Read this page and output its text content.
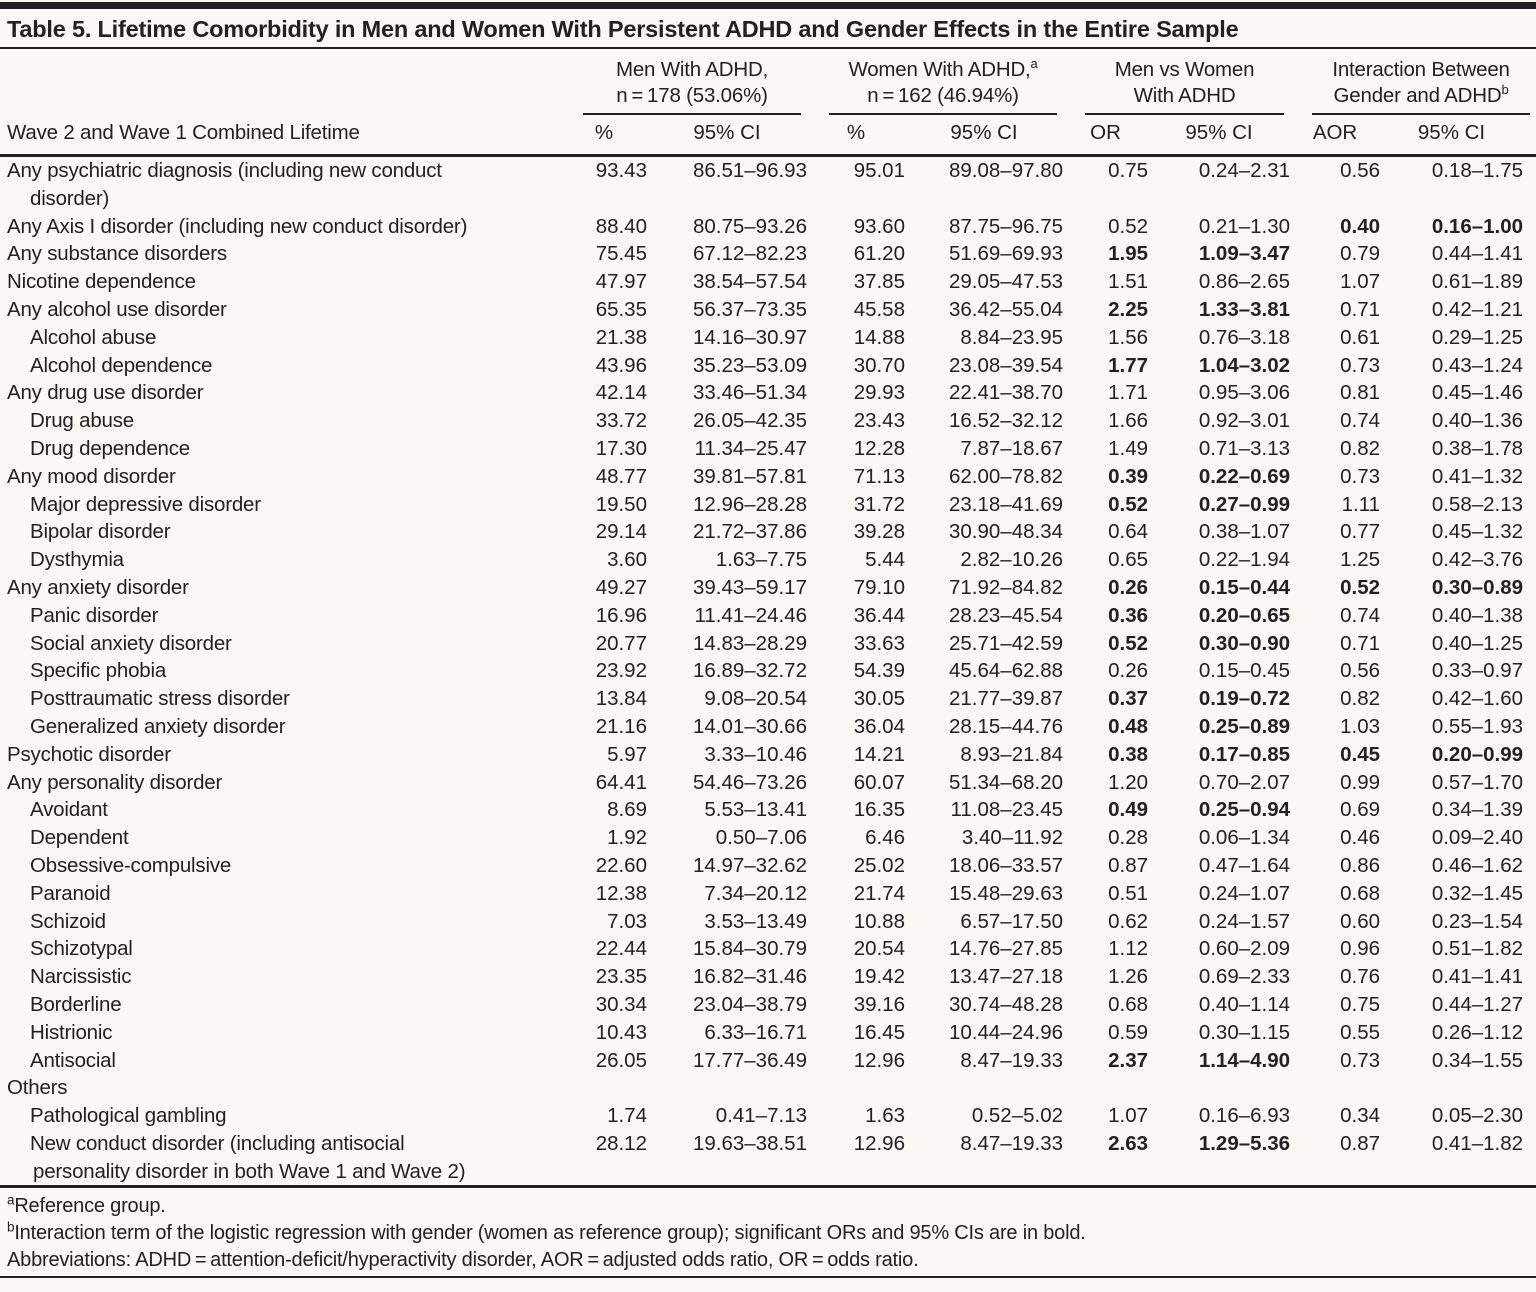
Table 5. Lifetime Comorbidity in Men and Women With Persistent ADHD and Gender Effects in the Entire Sample

Men With ADHD,
n = 178 (53.06%)

Women With ADHD,$^a$
n = 162 (46.94%)

Men vs Women
With ADHD

Interaction Between
Gender and ADHD$^b$

Wave 2 and Wave 1 Combined Lifetime	%	95% CI	%	95% CI	OR	95% CI	AOR	95% CI

Any psychiatric diagnosis (including new conduct
disorder)	93.43	86.51–96.93	95.01	89.08–97.80	0.75	0.24–2.31	0.56	0.18–1.75

Any Axis I disorder (including new conduct disorder)	88.40	80.75–93.26	93.60	87.75–96.75	0.52	0.21–1.30	0.40	0.16–1.00

Any substance disorders	75.45	67.12–82.23	61.20	51.69–69.93	1.95	1.09–3.47	0.79	0.44–1.41

Nicotine dependence	47.97	38.54–57.54	37.85	29.05–47.53	1.51	0.86–2.65	1.07	0.61–1.89

Any alcohol use disorder	65.35	56.37–73.35	45.58	36.42–55.04	2.25	1.33–3.81	0.71	0.42–1.21

Alcohol abuse	21.38	14.16–30.97	14.88	8.84–23.95	1.56	0.76–3.18	0.61	0.29–1.25

Alcohol dependence	43.96	35.23–53.09	30.70	23.08–39.54	1.77	1.04–3.02	0.73	0.43–1.24

Any drug use disorder	42.14	33.46–51.34	29.93	22.41–38.70	1.71	0.95–3.06	0.81	0.45–1.46

Drug abuse	33.72	26.05–42.35	23.43	16.52–32.12	1.66	0.92–3.01	0.74	0.40–1.36

Drug dependence	17.30	11.34–25.47	12.28	7.87–18.67	1.49	0.71–3.13	0.82	0.38–1.78

Any mood disorder	48.77	39.81–57.81	71.13	62.00–78.82	0.39	0.22–0.69	0.73	0.41–1.32

Major depressive disorder	19.50	12.96–28.28	31.72	23.18–41.69	0.52	0.27–0.99	1.11	0.58–2.13

Bipolar disorder	29.14	21.72–37.86	39.28	30.90–48.34	0.64	0.38–1.07	0.77	0.45–1.32

Dysthymia	3.60	1.63–7.75	5.44	2.82–10.26	0.65	0.22–1.94	1.25	0.42–3.76

Any anxiety disorder	49.27	39.43–59.17	79.10	71.92–84.82	0.26	0.15–0.44	0.52	0.30–0.89

Panic disorder	16.96	11.41–24.46	36.44	28.23–45.54	0.36	0.20–0.65	0.74	0.40–1.38

Social anxiety disorder	20.77	14.83–28.29	33.63	25.71–42.59	0.52	0.30–0.90	0.71	0.40–1.25

Specific phobia	23.92	16.89–32.72	54.39	45.64–62.88	0.26	0.15–0.45	0.56	0.33–0.97

Posttraumatic stress disorder	13.84	9.08–20.54	30.05	21.77–39.87	0.37	0.19–0.72	0.82	0.42–1.60

Generalized anxiety disorder	21.16	14.01–30.66	36.04	28.15–44.76	0.48	0.25–0.89	1.03	0.55–1.93

Psychotic disorder	5.97	3.33–10.46	14.21	8.93–21.84	0.38	0.17–0.85	0.45	0.20–0.99

Any personality disorder	64.41	54.46–73.26	60.07	51.34–68.20	1.20	0.70–2.07	0.99	0.57–1.70

Avoidant	8.69	5.53–13.41	16.35	11.08–23.45	0.49	0.25–0.94	0.69	0.34–1.39

Dependent	1.92	0.50–7.06	6.46	3.40–11.92	0.28	0.06–1.34	0.46	0.09–2.40

Obsessive-compulsive	22.60	14.97–32.62	25.02	18.06–33.57	0.87	0.47–1.64	0.86	0.46–1.62

Paranoid	12.38	7.34–20.12	21.74	15.48–29.63	0.51	0.24–1.07	0.68	0.32–1.45

Schizoid	7.03	3.53–13.49	10.88	6.57–17.50	0.62	0.24–1.57	0.60	0.23–1.54

Schizotypal	22.44	15.84–30.79	20.54	14.76–27.85	1.12	0.60–2.09	0.96	0.51–1.82

Narcissistic	23.35	16.82–31.46	19.42	13.47–27.18	1.26	0.69–2.33	0.76	0.41–1.41

Borderline	30.34	23.04–38.79	39.16	30.74–48.28	0.68	0.40–1.14	0.75	0.44–1.27

Histrionic	10.43	6.33–16.71	16.45	10.44–24.96	0.59	0.30–1.15	0.55	0.26–1.12

Antisocial	26.05	17.77–36.49	12.96	8.47–19.33	2.37	1.14–4.90	0.73	0.34–1.55

Others								

Pathological gambling	1.74	0.41–7.13	1.63	0.52–5.02	1.07	0.16–6.93	0.34	0.05–2.30

New conduct disorder (including antisocial
personality disorder in both Wave 1 and Wave 2)	28.12	19.63–38.51	12.96	8.47–19.33	2.63	1.29–5.36	0.87	0.41–1.82
$^a$Reference group.
$^b$Interaction term of the logistic regression with gender (women as reference group); significant ORs and 95% CIs are in bold.
Abbreviations: ADHD = attention-deficit/hyperactivity disorder, AOR = adjusted odds ratio, OR = odds ratio.
